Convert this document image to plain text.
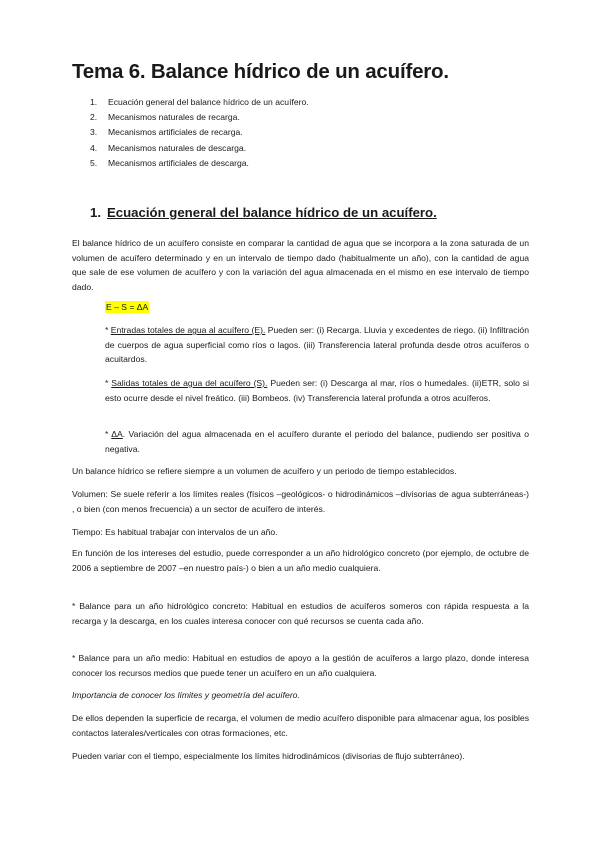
Tema 6. Balance hídrico de un acuífero.
1. Ecuación general del balance hídrico de un acuífero.
2. Mecanismos naturales de recarga.
3. Mecanismos artificiales de recarga.
4. Mecanismos naturales de descarga.
5. Mecanismos artificiales de descarga.
1. Ecuación general del balance hídrico de un acuífero.

El balance hídrico de un acuífero consiste en comparar la cantidad de agua que se incorpora a la zona saturada de un volumen de acuífero determinado y en un intervalo de tiempo dado (habitualmente un año), con la cantidad de agua que sale de ese volumen de acuífero y con la variación del agua almacenada en el mismo en ese intervalo de tiempo dado.

E – S = ΔA

* Entradas totales de agua al acuífero (E). Pueden ser: (i) Recarga. Lluvia y excedentes de riego. (ii) Infiltración de cuerpos de agua superficial como ríos o lagos. (iii) Transferencia lateral profunda desde otros acuíferos o acuitardos.

* Salidas totales de agua del acuífero (S). Pueden ser: (i) Descarga al mar, ríos o humedales. (ii)ETR, solo si esto ocurre desde el nivel freático. (iii) Bombeos. (iv) Transferencia lateral profunda a otros acuíferos.

* ΔA. Variación del agua almacenada en el acuífero durante el periodo del balance, pudiendo ser positiva o negativa.

Un balance hídrico se refiere siempre a un volumen de acuífero y un periodo de tiempo establecidos.

Volumen: Se suele referir a los límites reales (físicos –geológicos- o hidrodinámicos –divisorias de agua subterráneas-) , o bien (con menos frecuencia) a un sector de acuífero de interés.

Tiempo: Es habitual trabajar con intervalos de un año.

En función de los intereses del estudio, puede corresponder a un año hidrológico concreto (por ejemplo, de octubre de 2006 a septiembre de 2007 –en nuestro país-) o bien a un año medio cualquiera.

* Balance para un año hidrológico concreto: Habitual en estudios de acuíferos someros con rápida respuesta a la recarga y la descarga, en los cuales interesa conocer con qué recursos se cuenta cada año.

* Balance para un año medio: Habitual en estudios de apoyo a la gestión de acuíferos a largo plazo, donde interesa conocer los recursos medios que puede tener un acuífero en un año cualquiera.

Importancia de conocer los límites y geometría del acuífero.

De ellos dependen la superficie de recarga, el volumen de medio acuífero disponible para almacenar agua, los posibles contactos laterales/verticales con otras formaciones, etc.

Pueden variar con el tiempo, especialmente los límites hidrodinámicos (divisorias de flujo subterráneo).
